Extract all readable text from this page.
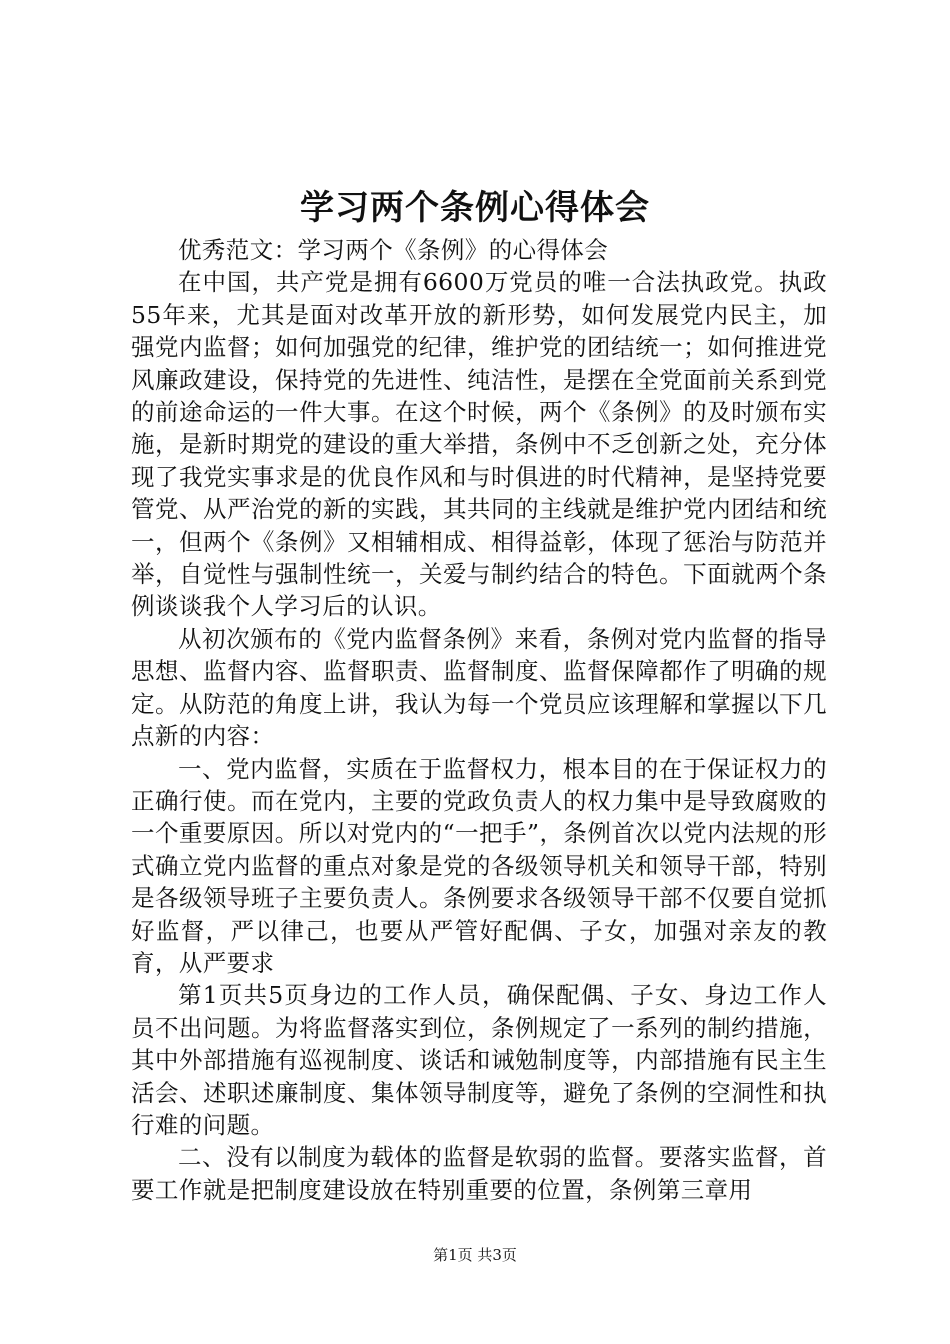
学习两个条例心得体会

优秀范文：学习两个《条例》的心得体会

在中国，共产党是拥有6600万党员的唯一合法执政党。执政55年来，尤其是面对改革开放的新形势，如何发展党内民主，加强党内监督；如何加强党的纪律，维护党的团结统一；如何推进党风廉政建设，保持党的先进性、纯洁性，是摆在全党面前关系到党的前途命运的一件大事。在这个时候，两个《条例》的及时颁布实施，是新时期党的建设的重大举措，条例中不乏创新之处，充分体现了我党实事求是的优良作风和与时俱进的时代精神，是坚持党要管党、从严治党的新的实践，其共同的主线就是维护党内团结和统一，但两个《条例》又相辅相成、相得益彰，体现了惩治与防范并举，自觉性与强制性统一，关爱与制约结合的特色。下面就两个条例谈谈我个人学习后的认识。

从初次颁布的《党内监督条例》来看，条例对党内监督的指导思想、监督内容、监督职责、监督制度、监督保障都作了明确的规定。从防范的角度上讲，我认为每一个党员应该理解和掌握以下几点新的内容：

一、党内监督，实质在于监督权力，根本目的在于保证权力的正确行使。而在党内，主要的党政负责人的权力集中是导致腐败的一个重要原因。所以对党内的“一把手”，条例首次以党内法规的形式确立党内监督的重点对象是党的各级领导机关和领导干部，特别是各级领导班子主要负责人。条例要求各级领导干部不仅要自觉抓好监督，严以律己，也要从严管好配偶、子女，加强对亲友的教育，从严要求

第1页共5页身边的工作人员，确保配偶、子女、身边工作人员不出问题。为将监督落实到位，条例规定了一系列的制约措施，其中外部措施有巡视制度、谈话和诫勉制度等，内部措施有民主生活会、述职述廉制度、集体领导制度等，避免了条例的空洞性和执行难的问题。

二、没有以制度为载体的监督是软弱的监督。要落实监督，首要工作就是把制度建设放在特别重要的位置，条例第三章用

第1页 共3页
